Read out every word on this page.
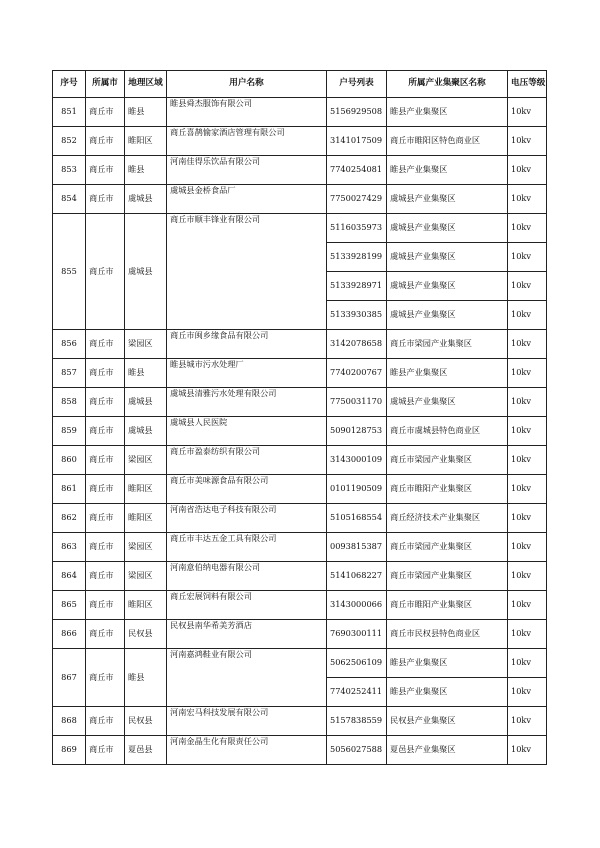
序号	所属市	地理区域	用户名称	户号列表	所属产业集聚区名称	电压等级
851	商丘市	睢县	睢县舜杰服饰有限公司	5156929508	睢县产业集聚区	10kv
852	商丘市	睢阳区	商丘喜鹊愉家酒店管理有限公司	3141017509	商丘市睢阳区特色商业区	10kv
853	商丘市	睢县	河南佳得乐饮品有限公司	7740254081	睢县产业集聚区	10kv
854	商丘市	虞城县	虞城县金桥食品厂	7750027429	虞城县产业集聚区	10kv
855	商丘市	虞城县	商丘市顺丰锋业有限公司	5116035973	虞城县产业集聚区	10kv
				5133928199	虞城县产业集聚区	10kv
				5133928971	虞城县产业集聚区	10kv
				5133930385	虞城县产业集聚区	10kv
856	商丘市	梁园区	商丘市闽乡缘食品有限公司	3142078658	商丘市梁园产业集聚区	10kv
857	商丘市	睢县	睢县城市污水处理厂	7740200767	睢县产业集聚区	10kv
858	商丘市	虞城县	虞城县清雅污水处理有限公司	7750031170	虞城县产业集聚区	10kv
859	商丘市	虞城县	虞城县人民医院	5090128753	商丘市虞城县特色商业区	10kv
860	商丘市	梁园区	商丘市盈泰纺织有限公司	3143000109	商丘市梁园产业集聚区	10kv
861	商丘市	睢阳区	商丘市美味源食品有限公司	0101190509	商丘市睢阳产业集聚区	10kv
862	商丘市	睢阳区	河南省浩达电子科技有限公司	5105168554	商丘经济技术产业集聚区	10kv
863	商丘市	梁园区	商丘市丰达五金工具有限公司	0093815387	商丘市梁园产业集聚区	10kv
864	商丘市	梁园区	河南意伯纳电器有限公司	5141068227	商丘市梁园产业集聚区	10kv
865	商丘市	睢阳区	商丘宏展饲料有限公司	3143000066	商丘市睢阳产业集聚区	10kv
866	商丘市	民权县	民权县南华希美芳酒店	7690300111	商丘市民权县特色商业区	10kv
867	商丘市	睢县	河南嘉鸿鞋业有限公司	5062506109	睢县产业集聚区	10kv
				7740252411	睢县产业集聚区	10kv
868	商丘市	民权县	河南宏马科技发展有限公司	5157838559	民权县产业集聚区	10kv
869	商丘市	夏邑县	河南金晶生化有限责任公司	5056027588	夏邑县产业集聚区	10kv
